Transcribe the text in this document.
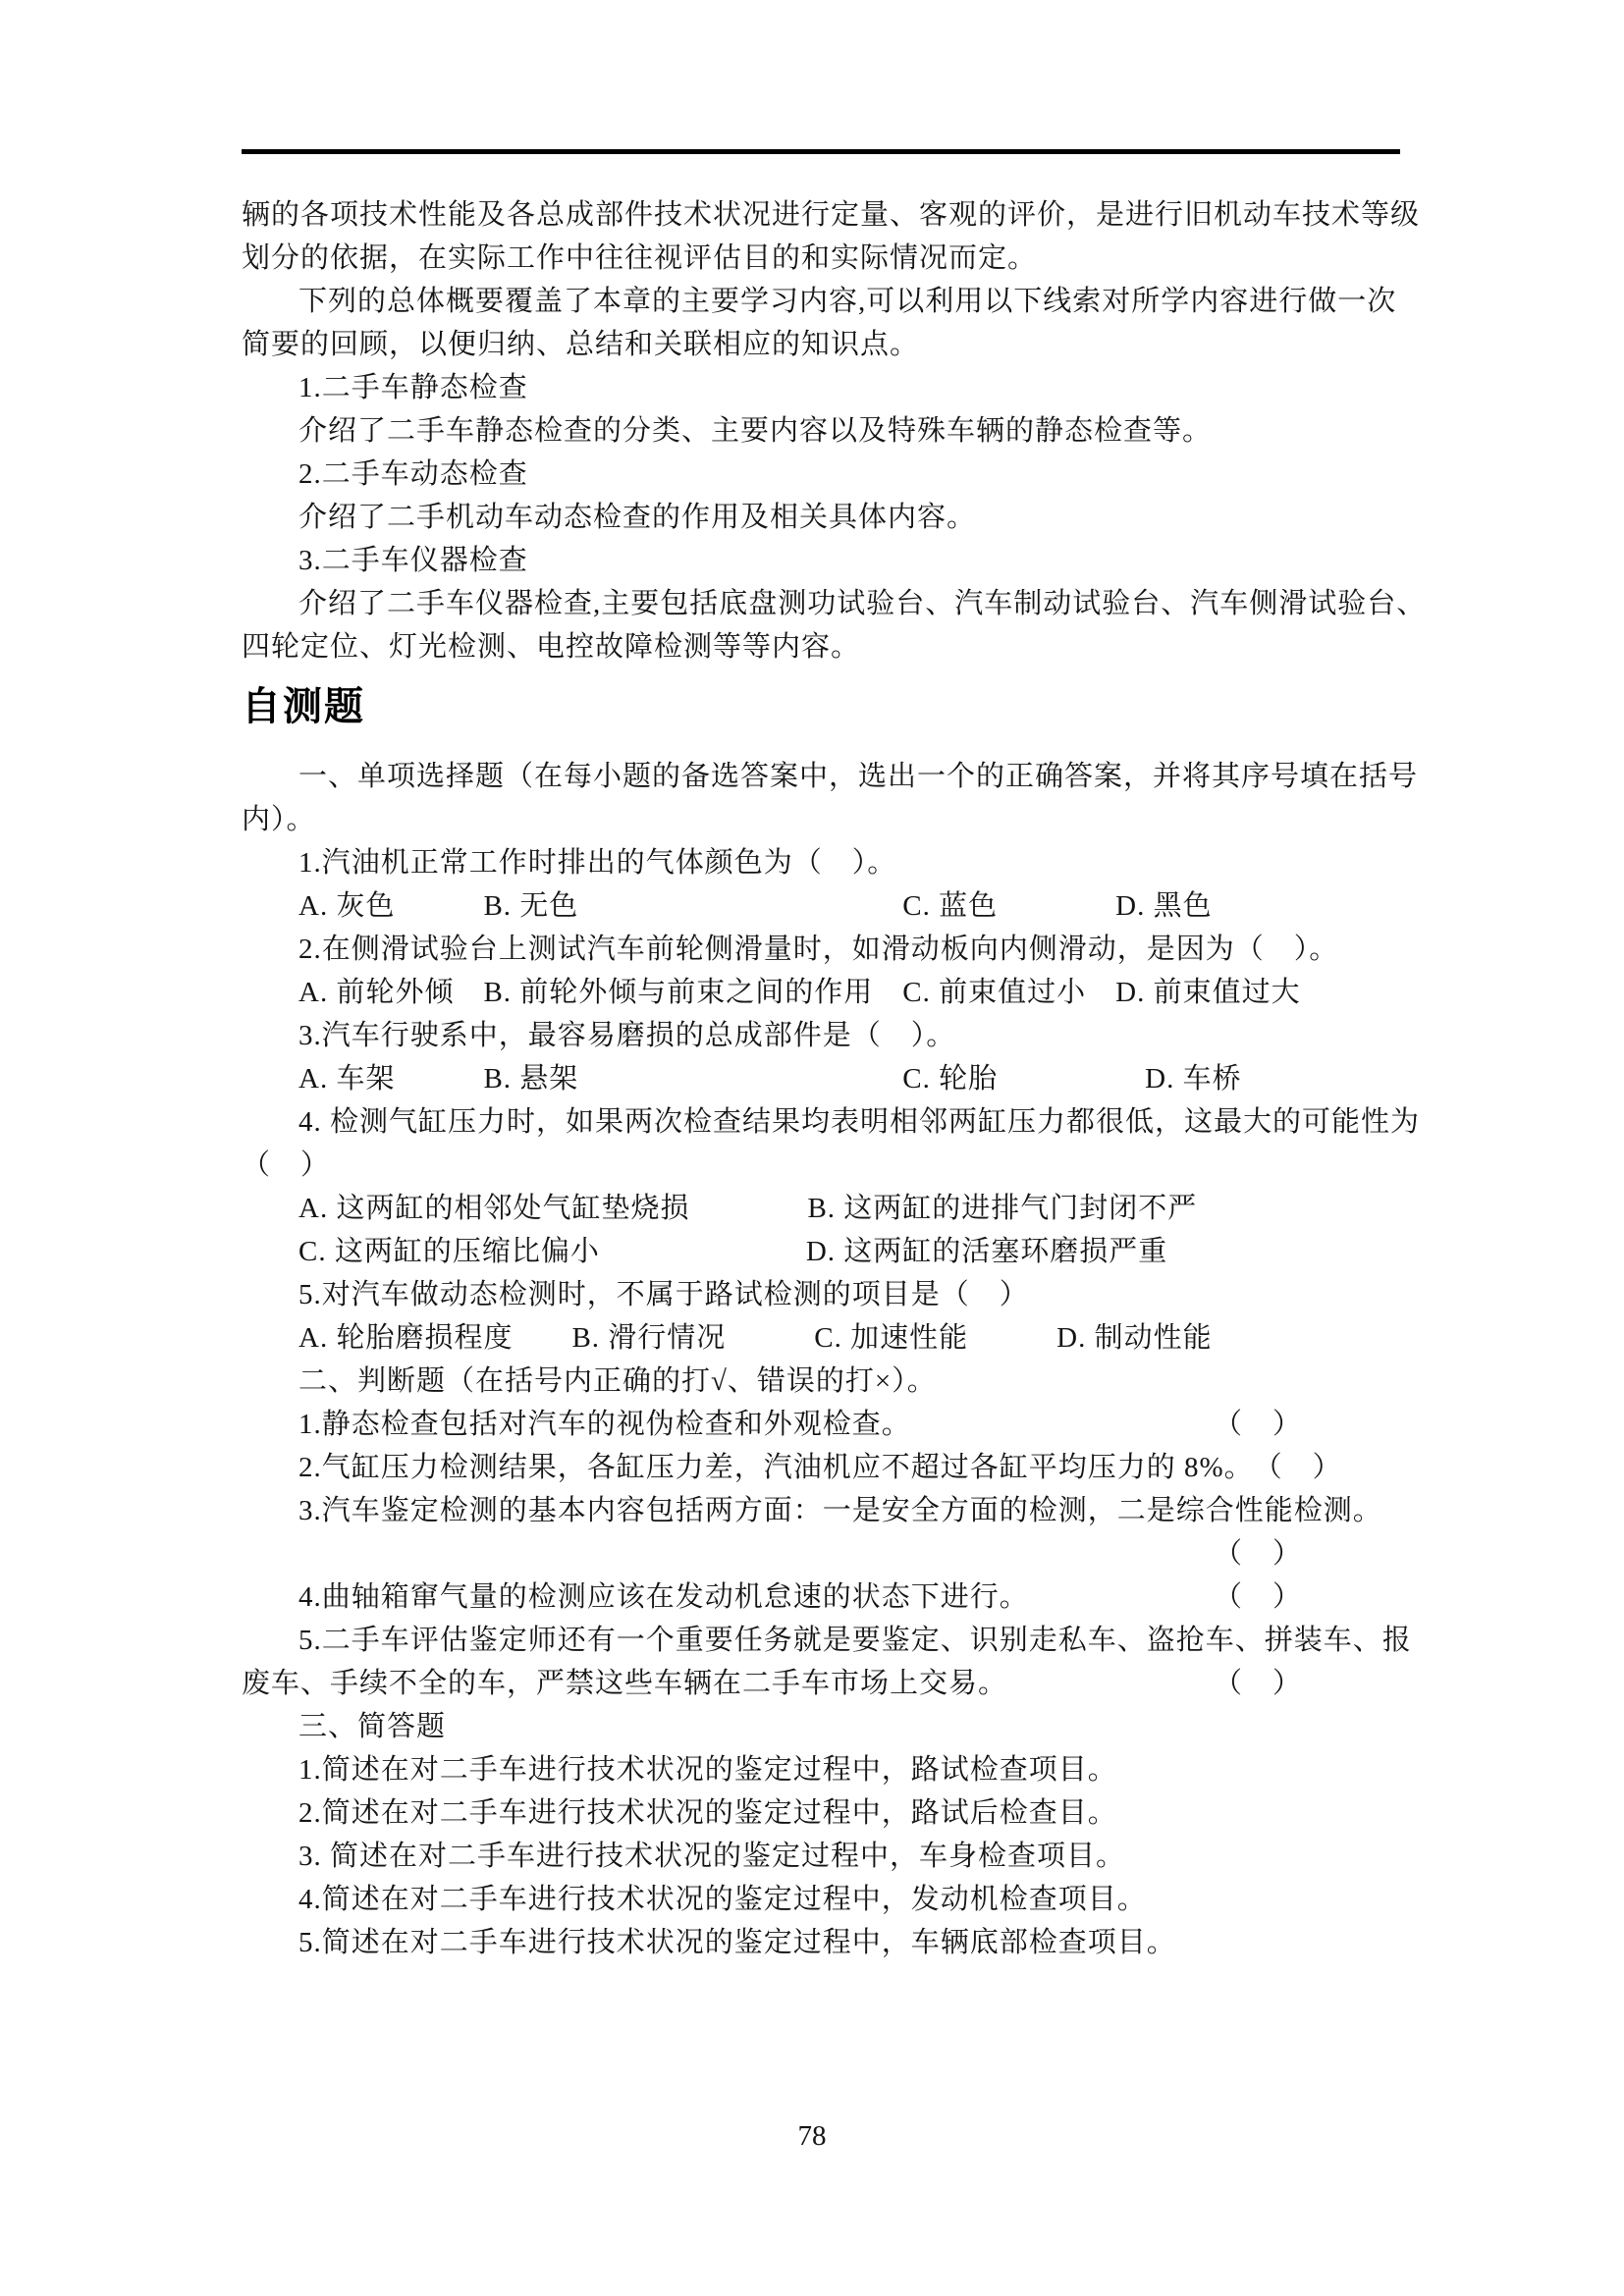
辆的各项技术性能及各总成部件技术状况进行定量、客观的评价，是进行旧机动车技术等级
划分的依据，在实际工作中往往视评估目的和实际情况而定。
下列的总体概要覆盖了本章的主要学习内容,可以利用以下线索对所学内容进行做一次
简要的回顾，以便归纳、总结和关联相应的知识点。
1.二手车静态检查
介绍了二手车静态检查的分类、主要内容以及特殊车辆的静态检查等。
2.二手车动态检查
介绍了二手机动车动态检查的作用及相关具体内容。
3.二手车仪器检查
介绍了二手车仪器检查,主要包括底盘测功试验台、汽车制动试验台、汽车侧滑试验台、
四轮定位、灯光检测、电控故障检测等等内容。
自测题
一、单项选择题（在每小题的备选答案中，选出一个的正确答案，并将其序号填在括号
内）。
1.汽油机正常工作时排出的气体颜色为（　）。
A. 灰色　　　B. 无色　　　　　　　　　　　C. 蓝色　　　　D. 黑色
2.在侧滑试验台上测试汽车前轮侧滑量时，如滑动板向内侧滑动，是因为（　）。
A. 前轮外倾　B. 前轮外倾与前束之间的作用　C. 前束值过小　D. 前束值过大
3.汽车行驶系中，最容易磨损的总成部件是（　）。
A. 车架　　　B. 悬架　　　　　　　　　　　C. 轮胎　　　　　D. 车桥
4. 检测气缸压力时，如果两次检查结果均表明相邻两缸压力都很低，这最大的可能性为
（　）
A. 这两缸的相邻处气缸垫烧损　　　　B. 这两缸的进排气门封闭不严
C. 这两缸的压缩比偏小　　　　　　　D. 这两缸的活塞环磨损严重
5.对汽车做动态检测时，不属于路试检测的项目是（　）
A. 轮胎磨损程度　　B. 滑行情况　　　C. 加速性能　　　D. 制动性能
二、判断题（在括号内正确的打√、错误的打×）。
1.静态检查包括对汽车的视伪检查和外观检查。	（　）
2.气缸压力检测结果，各缸压力差，汽油机应不超过各缸平均压力的 8%。 （　）
3.汽车鉴定检测的基本内容包括两方面：一是安全方面的检测，二是综合性能检测。
（　）
4.曲轴箱窜气量的检测应该在发动机怠速的状态下进行。	（　）
5.二手车评估鉴定师还有一个重要任务就是要鉴定、识别走私车、盗抢车、拼装车、报
废车、手续不全的车，严禁这些车辆在二手车市场上交易。	（　）
三、简答题
1.简述在对二手车进行技术状况的鉴定过程中，路试检查项目。
2.简述在对二手车进行技术状况的鉴定过程中，路试后检查目。
3. 简述在对二手车进行技术状况的鉴定过程中，车身检查项目。
4.简述在对二手车进行技术状况的鉴定过程中，发动机检查项目。
5.简述在对二手车进行技术状况的鉴定过程中，车辆底部检查项目。
78
